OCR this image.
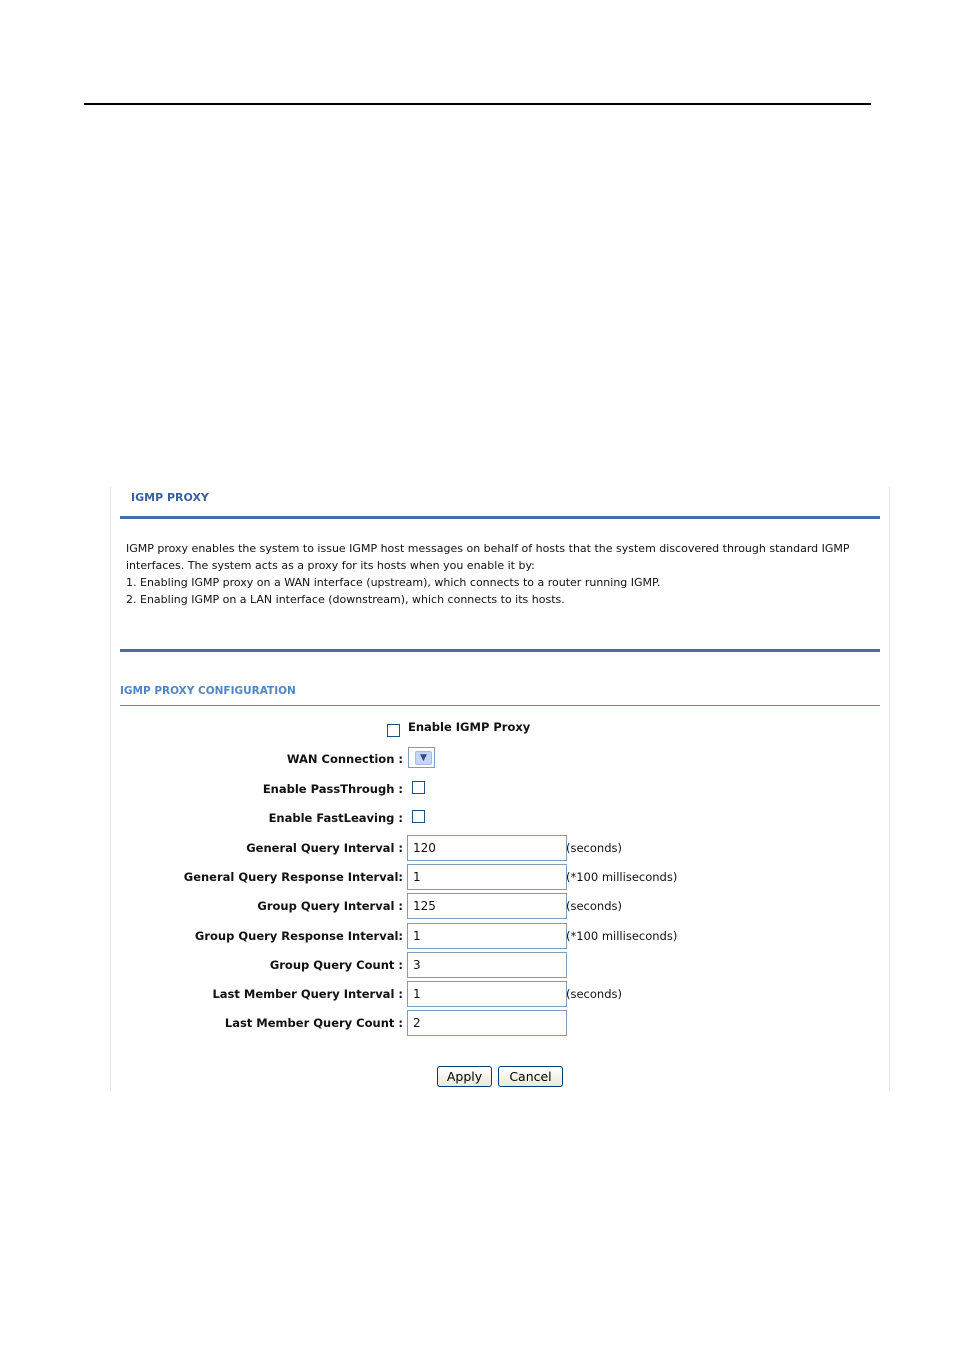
IGMP PROXY
IGMP proxy enables the system to issue IGMP host messages on behalf of hosts that the system discovered through standard IGMP
interfaces. The system acts as a proxy for its hosts when you enable it by:
1. Enabling IGMP proxy on a WAN interface (upstream), which connects to a router running IGMP.
2. Enabling IGMP on a LAN interface (downstream), which connects to its hosts.
IGMP PROXY CONFIGURATION
Enable IGMP Proxy
WAN Connection :	▼
Enable PassThrough :
Enable FastLeaving :
General Query Interval : 120	(seconds)
General Query Response Interval: 1	(*100 milliseconds)
Group Query Interval : 125	(seconds)
Group Query Response Interval: 1	(*100 milliseconds)
Group Query Count : 3
Last Member Query Interval : 1	(seconds)
Last Member Query Count : 2
Apply	Cancel
